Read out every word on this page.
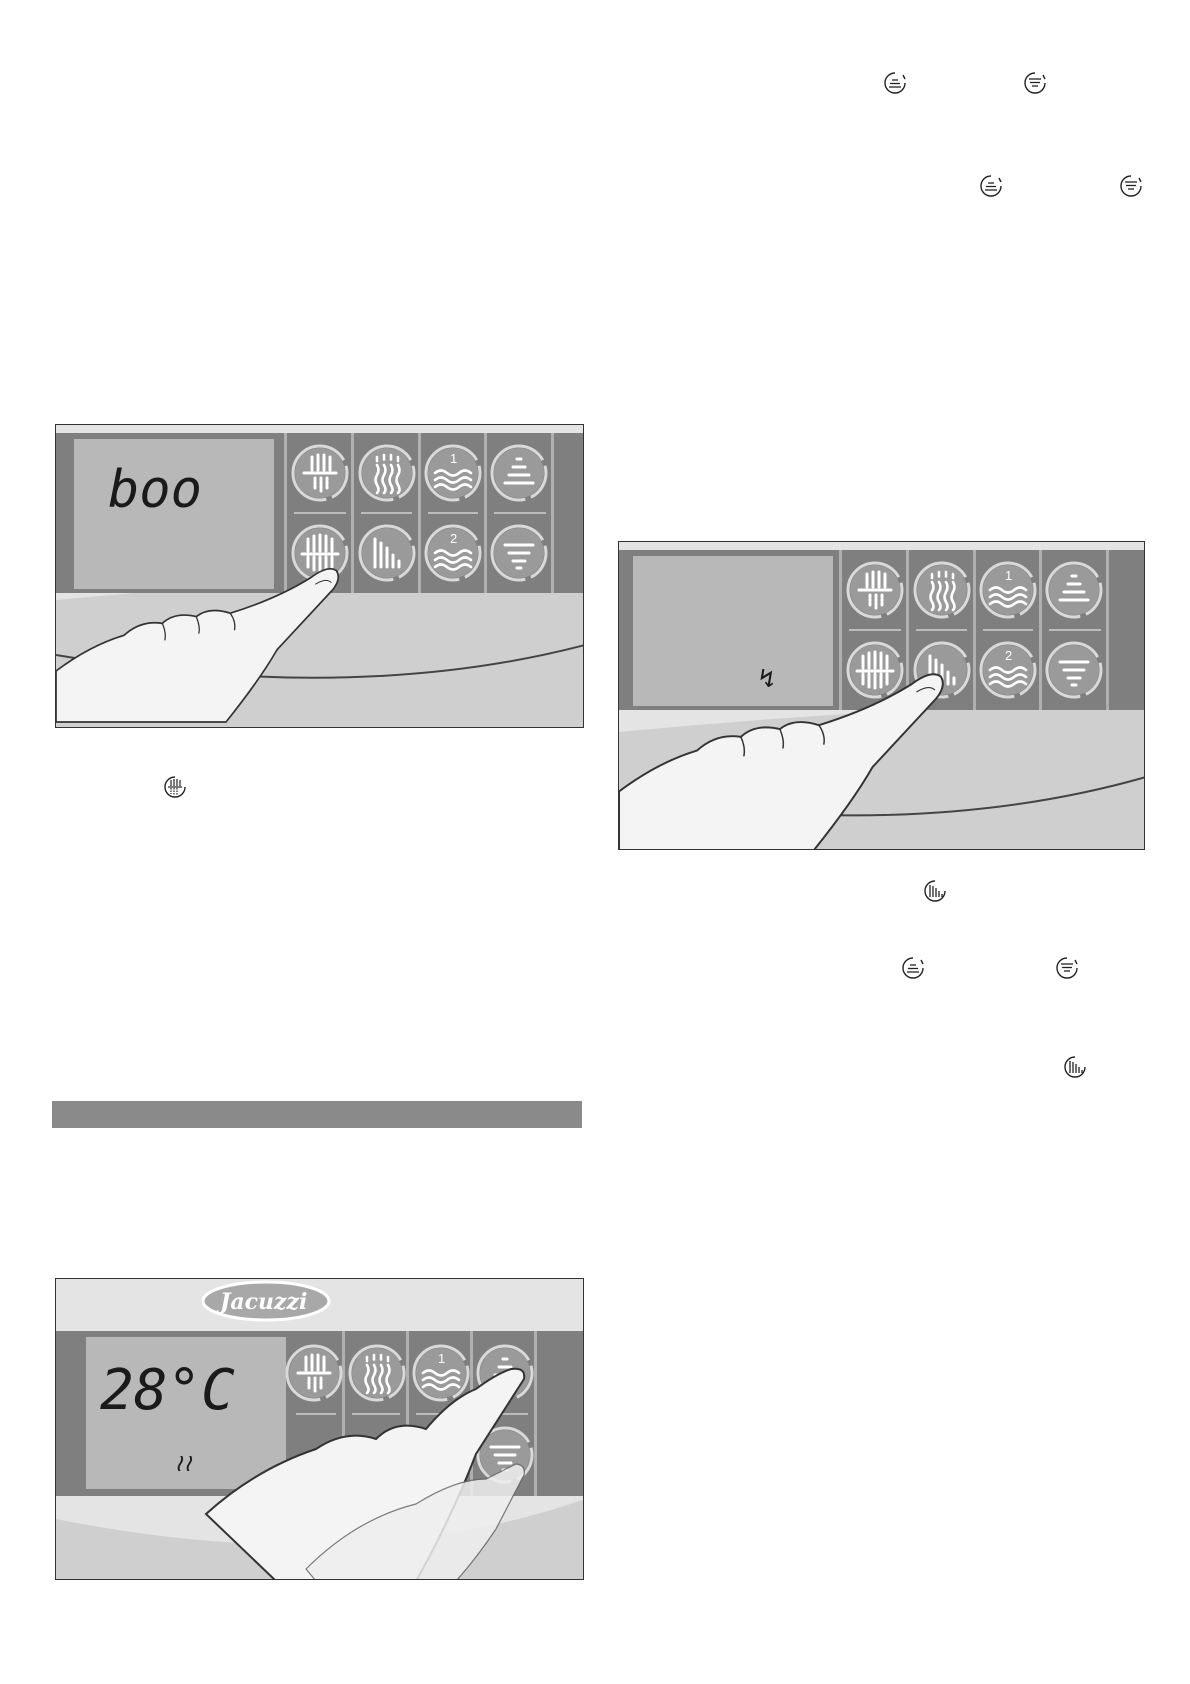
boo
1
2
↯
1
2
Jacuzzi
28°C
≀≀
1
